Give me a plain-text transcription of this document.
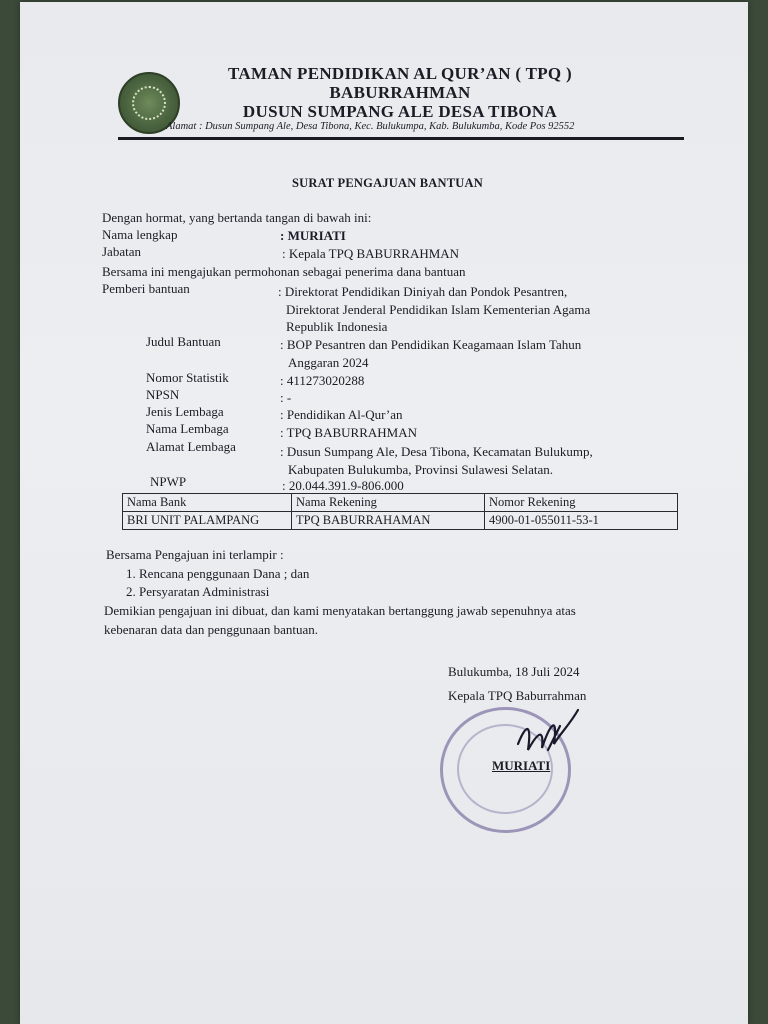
TAMAN PENDIDIKAN AL QUR’AN ( TPQ )

BABURRAHMAN

DUSUN SUMPANG ALE DESA TIBONA

Alamat : Dusun Sumpang Ale, Desa Tibona, Kec. Bulukumpa, Kab. Bulukumba, Kode Pos 92552

SURAT PENGAJUAN BANTUAN

Dengan hormat, yang bertanda tangan di bawah ini:

Nama lengkap	: MURIATI

Jabatan	: Kepala TPQ BABURRAHMAN

Bersama ini mengajukan permohonan sebagai penerima dana bantuan

Pemberi bantuan	: Direktorat Pendidikan Diniyah dan Pondok Pesantren,

Direktorat Jenderal Pendidikan Islam Kementerian Agama

Republik Indonesia

Judul Bantuan	: BOP Pesantren dan Pendidikan Keagamaan Islam Tahun

Anggaran 2024

Nomor Statistik	: 411273020288

NPSN	: -

Jenis Lembaga	: Pendidikan Al-Qur’an

Nama Lembaga	: TPQ BABURRAHMAN

Alamat Lembaga	: Dusun Sumpang Ale, Desa Tibona, Kecamatan Bulukump,

Kabupaten Bulukumba, Provinsi Sulawesi Selatan.

NPWP	: 20.044.391.9-806.000

Nama Bank	Nama Rekening	Nomor Rekening
BRI UNIT PALAMPANG	TPQ BABURRAHAMAN	4900-01-055011-53-1

Bersama Pengajuan ini terlampir :

1. Rencana penggunaan Dana ; dan

2. Persyaratan Administrasi

Demikian pengajuan ini dibuat, dan kami menyatakan bertanggung jawab sepenuhnya atas

kebenaran data dan penggunaan bantuan.

Bulukumba, 18 Juli 2024

Kepala TPQ Baburrahman

MURIATI
